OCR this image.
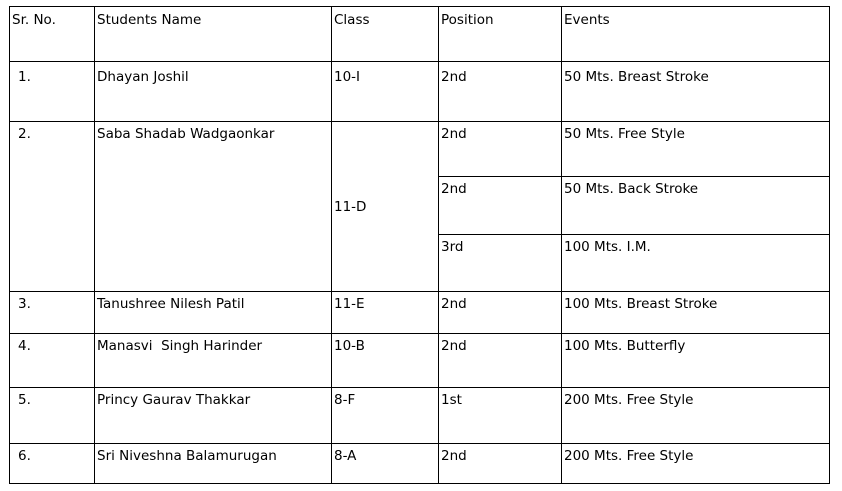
Sr. No.	Students Name	Class	Position	Events
1.	Dhayan Joshil	10-I	2nd	50 Mts. Breast Stroke
2.	Saba Shadab Wadgaonkar	11-D	2nd	50 Mts. Free Style
			2nd	50 Mts. Back Stroke
			3rd	100 Mts. I.M.
3.	Tanushree Nilesh Patil	11-E	2nd	100 Mts. Breast Stroke
4.	Manasvi  Singh Harinder	10-B	2nd	100 Mts. Butterfly
5.	Princy Gaurav Thakkar	8-F	1st	200 Mts. Free Style
6.	Sri Niveshna Balamurugan	8-A	2nd	200 Mts. Free Style
